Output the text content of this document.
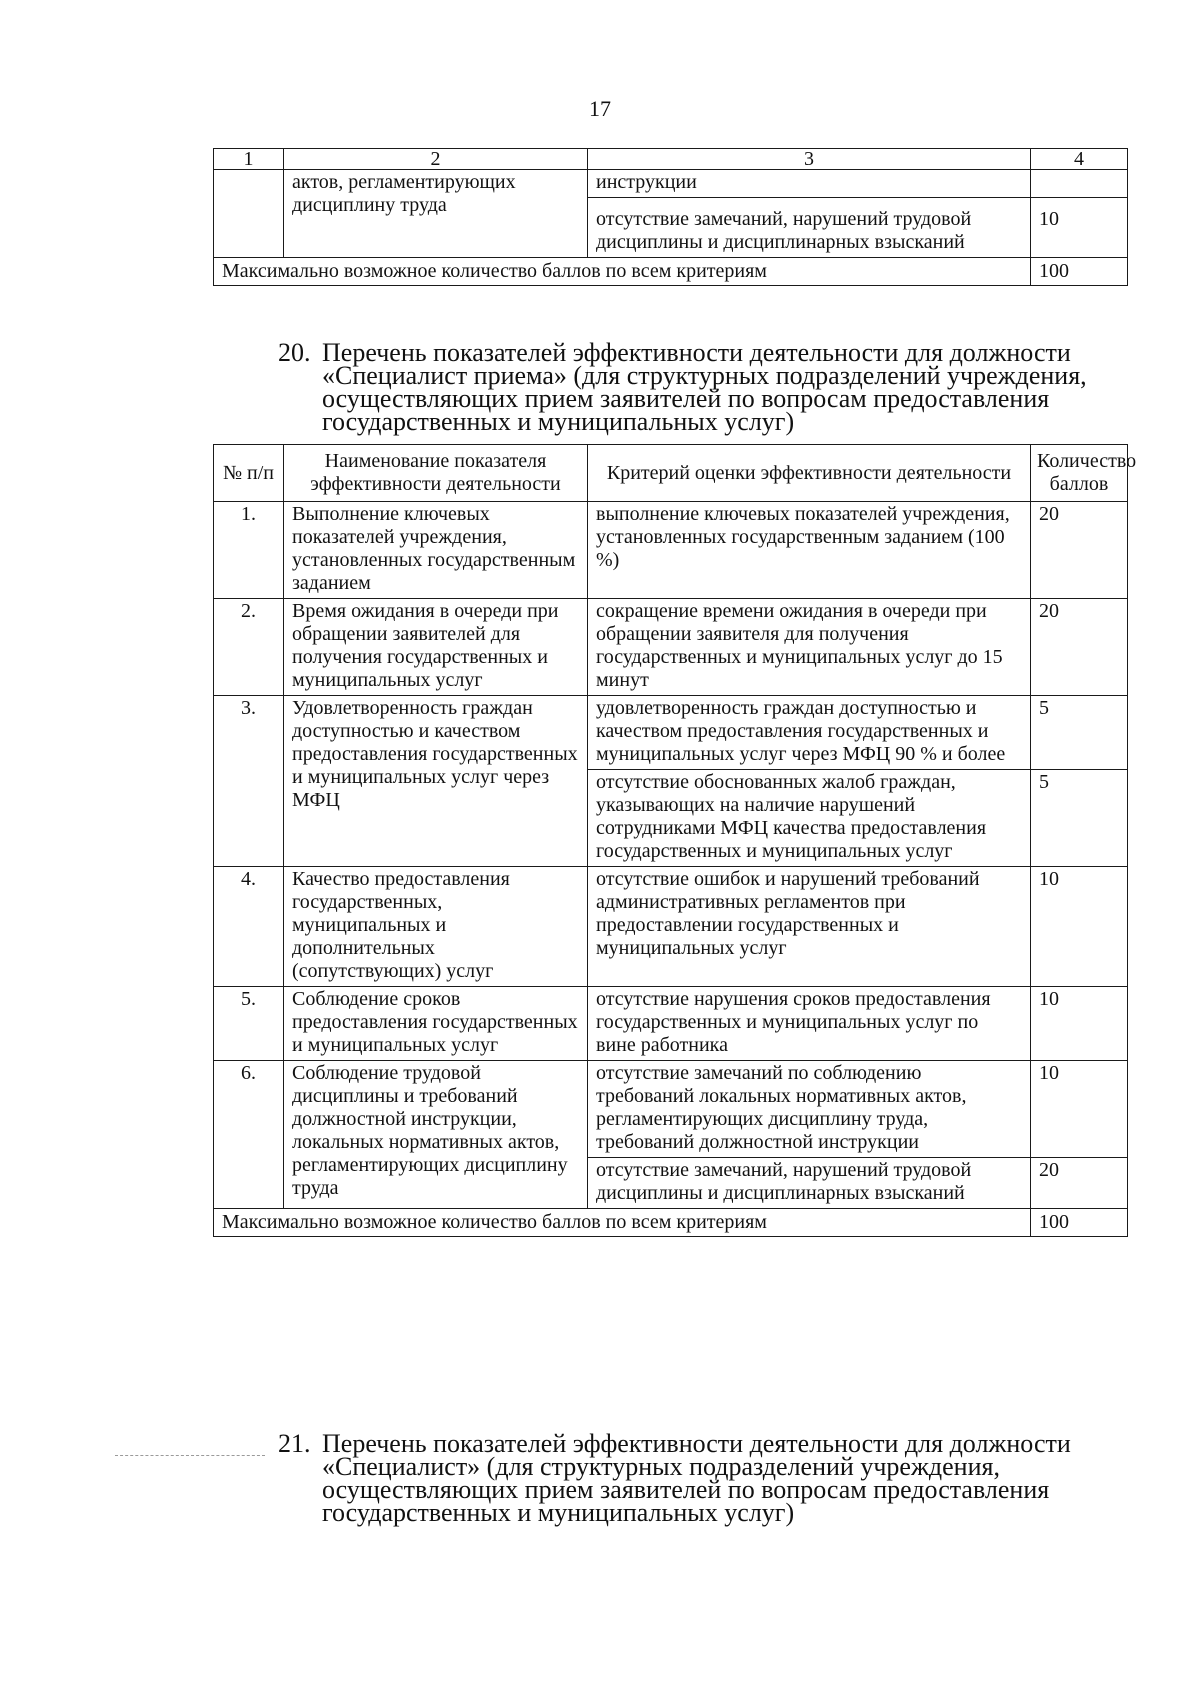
17
1	2	3	4
	актов, регламентирующих дисциплину труда	инструкции	
		отсутствие замечаний, нарушений трудовой дисциплины и дисциплинарных взысканий	10
Максимально возможное количество баллов по всем критериям			100
20. Перечень показателей эффективности деятельности для должности «Специалист приема» (для структурных подразделений учреждения, осуществляющих прием заявителей по вопросам предоставления государственных и муниципальных услуг)
№ п/п	Наименование показателя эффективности деятельности	Критерий оценки эффективности деятельности	Количество баллов
1.	Выполнение ключевых показателей учреждения, установленных государственным заданием	выполнение ключевых показателей учреждения, установленных государственным заданием (100 %)	20
2.	Время ожидания в очереди при обращении заявителей для получения государственных и муниципальных услуг	сокращение времени ожидания в очереди при обращении заявителя для получения государственных и муниципальных услуг до 15 минут	20
3.	Удовлетворенность граждан доступностью и качеством предоставления государственных и муниципальных услуг через МФЦ	удовлетворенность граждан доступностью и качеством предоставления государственных и муниципальных услуг через МФЦ 90 % и более	5
		отсутствие обоснованных жалоб граждан, указывающих на наличие нарушений сотрудниками МФЦ качества предоставления государственных и муниципальных услуг	5
4.	Качество предоставления государственных, муниципальных и дополнительных (сопутствующих) услуг	отсутствие ошибок и нарушений требований административных регламентов при предоставлении государственных и муниципальных услуг	10
5.	Соблюдение сроков предоставления государственных и муниципальных услуг	отсутствие нарушения сроков предоставления государственных и муниципальных услуг по вине работника	10
6.	Соблюдение трудовой дисциплины и требований должностной инструкции, локальных нормативных актов, регламентирующих дисциплину труда	отсутствие замечаний по соблюдению требований локальных нормативных актов, регламентирующих дисциплину труда, требований должностной инструкции	10
		отсутствие замечаний, нарушений трудовой дисциплины и дисциплинарных взысканий	20
Максимально возможное количество баллов по всем критериям			100
21. Перечень показателей эффективности деятельности для должности «Специалист» (для структурных подразделений учреждения, осуществляющих прием заявителей по вопросам предоставления государственных и муниципальных услуг)
